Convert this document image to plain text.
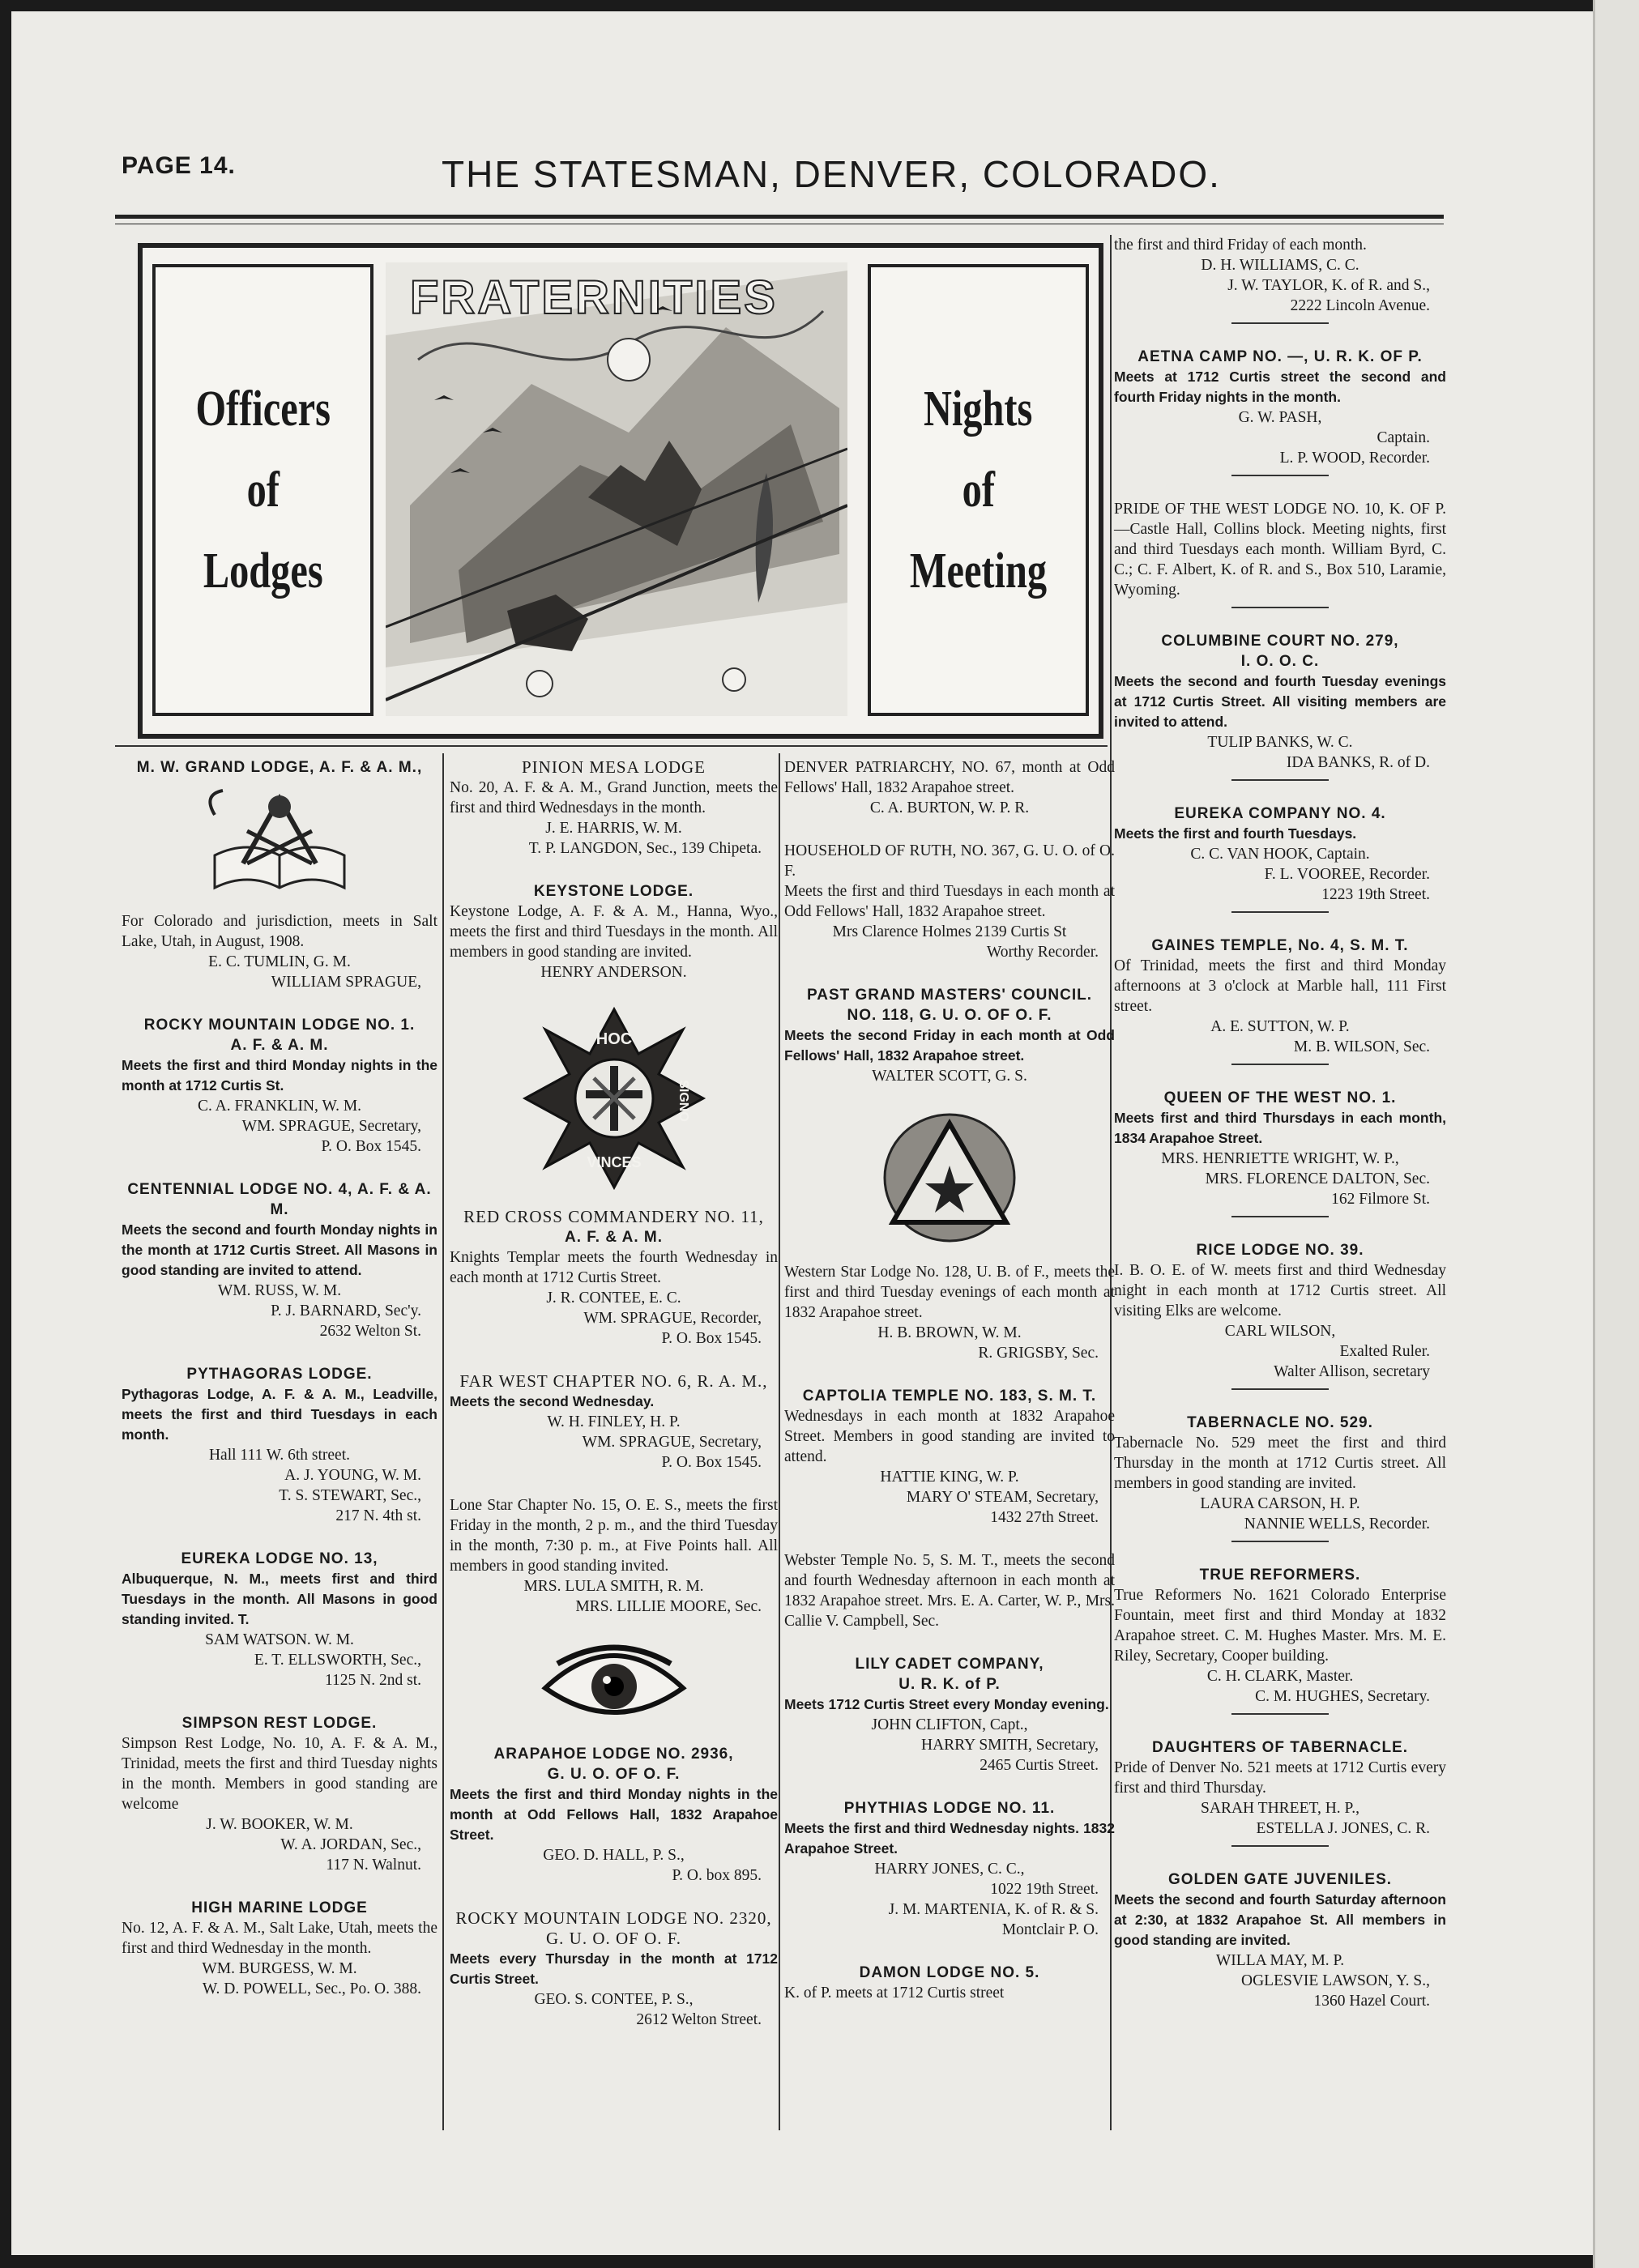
PAGE 14.	THE STATESMAN, DENVER, COLORADO.
Officers
of
Lodges
FRATERNITIES
Nights
of
Meeting
M. W. GRAND LODGE, A. F. & A. M.,
For Colorado and jurisdiction, meets in Salt Lake, Utah, in August, 1908.
E. C. TUMLIN, G. M.
WILLIAM SPRAGUE,
ROCKY MOUNTAIN LODGE NO. 1.
A. F. & A. M.
Meets the first and third Monday nights in the month at 1712 Curtis St.
C. A. FRANKLIN, W. M.
WM. SPRAGUE, Secretary,
P. O. Box 1545.
CENTENNIAL LODGE NO. 4, A. F. & A. M.
Meets the second and fourth Monday nights in the month at 1712 Curtis Street. All Masons in good standing are invited to attend.
WM. RUSS, W. M.
P. J. BARNARD, Sec'y.
2632 Welton St.
PYTHAGORAS LODGE.
Pythagoras Lodge, A. F. & A. M., Leadville, meets the first and third Tuesdays in each month.
Hall 111 W. 6th street.
A. J. YOUNG, W. M.
T. S. STEWART, Sec.,
217 N. 4th st.
EUREKA LODGE NO. 13,
Albuquerque, N. M., meets first and third Tuesdays in the month. All Masons in good standing invited. T.
SAM WATSON. W. M.
E. T. ELLSWORTH, Sec.,
1125 N. 2nd st.
SIMPSON REST LODGE.
Simpson Rest Lodge, No. 10, A. F. & A. M., Trinidad, meets the first and third Tuesday nights in the month. Members in good standing are welcome
J. W. BOOKER, W. M.
W. A. JORDAN, Sec.,
117 N. Walnut.
HIGH MARINE LODGE
No. 12, A. F. & A. M., Salt Lake, Utah, meets the first and third Wednesday in the month.
WM. BURGESS, W. M.
W. D. POWELL, Sec., Po. O. 388.
PINION MESA LODGE
No. 20, A. F. & A. M., Grand Junction, meets the first and third Wednesdays in the month.
J. E. HARRIS, W. M.
T. P. LANGDON, Sec., 139 Chipeta.
KEYSTONE LODGE.
Keystone Lodge, A. F. & A. M., Hanna, Wyo., meets the first and third Tuesdays in the month. All members in good standing are invited.
HENRY ANDERSON.
HOC
SIGNO
VINCES
RED CROSS COMMANDERY NO. 11,
A. F. & A. M.
Knights Templar meets the fourth Wednesday in each month at 1712 Curtis Street.
J. R. CONTEE, E. C.
WM. SPRAGUE, Recorder,
P. O. Box 1545.
FAR WEST CHAPTER NO. 6, R. A. M.,
Meets the second Wednesday.
W. H. FINLEY, H. P.
WM. SPRAGUE, Secretary,
P. O. Box 1545.
Lone Star Chapter No. 15, O. E. S., meets the first Friday in the month, 2 p. m., and the third Tuesday in the month, 7:30 p. m., at Five Points hall. All members in good standing invited.
MRS. LULA SMITH, R. M.
MRS. LILLIE MOORE, Sec.
ARAPAHOE LODGE NO. 2936,
G. U. O. OF O. F.
Meets the first and third Monday nights in the month at Odd Fellows Hall, 1832 Arapahoe Street.
GEO. D. HALL, P. S.,
P. O. box 895.
ROCKY MOUNTAIN LODGE NO. 2320, G. U. O. OF O. F.
Meets every Thursday in the month at 1712 Curtis Street.
GEO. S. CONTEE, P. S.,
2612 Welton Street.
DENVER PATRIARCHY, NO. 67, month at Odd Fellows' Hall, 1832 Arapahoe street.
C. A. BURTON, W. P. R.
HOUSEHOLD OF RUTH, NO. 367, G. U. O. of O. F.
Meets the first and third Tuesdays in each month at Odd Fellows' Hall, 1832 Arapahoe street.
Mrs Clarence Holmes 2139 Curtis St
Worthy Recorder.
PAST GRAND MASTERS' COUNCIL.
NO. 118, G. U. O. OF O. F.
Meets the second Friday in each month at Odd Fellows' Hall, 1832 Arapahoe street.
WALTER SCOTT, G. S.
Western Star Lodge No. 128, U. B. of F., meets the first and third Tuesday evenings of each month at 1832 Arapahoe street.
H. B. BROWN, W. M.
R. GRIGSBY, Sec.
CAPTOLIA TEMPLE NO. 183, S. M. T.
Wednesdays in each month at 1832 Arapahoe Street. Members in good standing are invited to attend.
HATTIE KING, W. P.
MARY O' STEAM, Secretary,
1432 27th Street.
Webster Temple No. 5, S. M. T., meets the second and fourth Wednesday afternoon in each month at 1832 Arapahoe street. Mrs. E. A. Carter, W. P., Mrs. Callie V. Campbell, Sec.
LILY CADET COMPANY,
U. R. K. of P.
Meets 1712 Curtis Street every Monday evening.
JOHN CLIFTON, Capt.,
HARRY SMITH, Secretary,
2465 Curtis Street.
PHYTHIAS LODGE NO. 11.
Meets the first and third Wednesday nights. 1832 Arapahoe Street.
HARRY JONES, C. C.,
1022 19th Street.
J. M. MARTENIA, K. of R. & S.
Montclair P. O.
DAMON LODGE NO. 5.
K. of P. meets at 1712 Curtis street
the first and third Friday of each month.
D. H. WILLIAMS, C. C.
J. W. TAYLOR, K. of R. and S.,
2222 Lincoln Avenue.
AETNA CAMP NO. —, U. R. K. OF P.
Meets at 1712 Curtis street the second and fourth Friday nights in the month.
G. W. PASH,
Captain.
L. P. WOOD, Recorder.
PRIDE OF THE WEST LODGE NO. 10, K. OF P.—Castle Hall, Collins block. Meeting nights, first and third Tuesdays each month. William Byrd, C. C.; C. F. Albert, K. of R. and S., Box 510, Laramie, Wyoming.
COLUMBINE COURT NO. 279,
I. O. O. C.
Meets the second and fourth Tuesday evenings at 1712 Curtis Street. All visiting members are invited to attend.
TULIP BANKS, W. C.
IDA BANKS, R. of D.
EUREKA COMPANY NO. 4.
Meets the first and fourth Tuesdays.
C. C. VAN HOOK, Captain.
F. L. VOOREE, Recorder.
1223 19th Street.
GAINES TEMPLE, No. 4, S. M. T.
Of Trinidad, meets the first and third Monday afternoons at 3 o'clock at Marble hall, 111 First street.
A. E. SUTTON, W. P.
M. B. WILSON, Sec.
QUEEN OF THE WEST NO. 1.
Meets first and third Thursdays in each month, 1834 Arapahoe Street.
MRS. HENRIETTE WRIGHT, W. P.,
MRS. FLORENCE DALTON, Sec.
162 Filmore St.
RICE LODGE NO. 39.
I. B. O. E. of W. meets first and third Wednesday night in each month at 1712 Curtis street. All visiting Elks are welcome.
CARL WILSON,
Exalted Ruler.
Walter Allison, secretary
TABERNACLE NO. 529.
Tabernacle No. 529 meet the first and third Thursday in the month at 1712 Curtis street. All members in good standing are invited.
LAURA CARSON, H. P.
NANNIE WELLS, Recorder.
TRUE REFORMERS.
True Reformers No. 1621 Colorado Enterprise Fountain, meet first and third Monday at 1832 Arapahoe street. C. M. Hughes Master. Mrs. M. E. Riley, Secretary, Cooper building.
C. H. CLARK, Master.
C. M. HUGHES, Secretary.
DAUGHTERS OF TABERNACLE.
Pride of Denver No. 521 meets at 1712 Curtis every first and third Thursday.
SARAH THREET, H. P.,
ESTELLA J. JONES, C. R.
GOLDEN GATE JUVENILES.
Meets the second and fourth Saturday afternoon at 2:30, at 1832 Arapahoe St. All members in good standing are invited.
WILLA MAY, M. P.
OGLESVIE LAWSON, Y. S.,
1360 Hazel Court.
